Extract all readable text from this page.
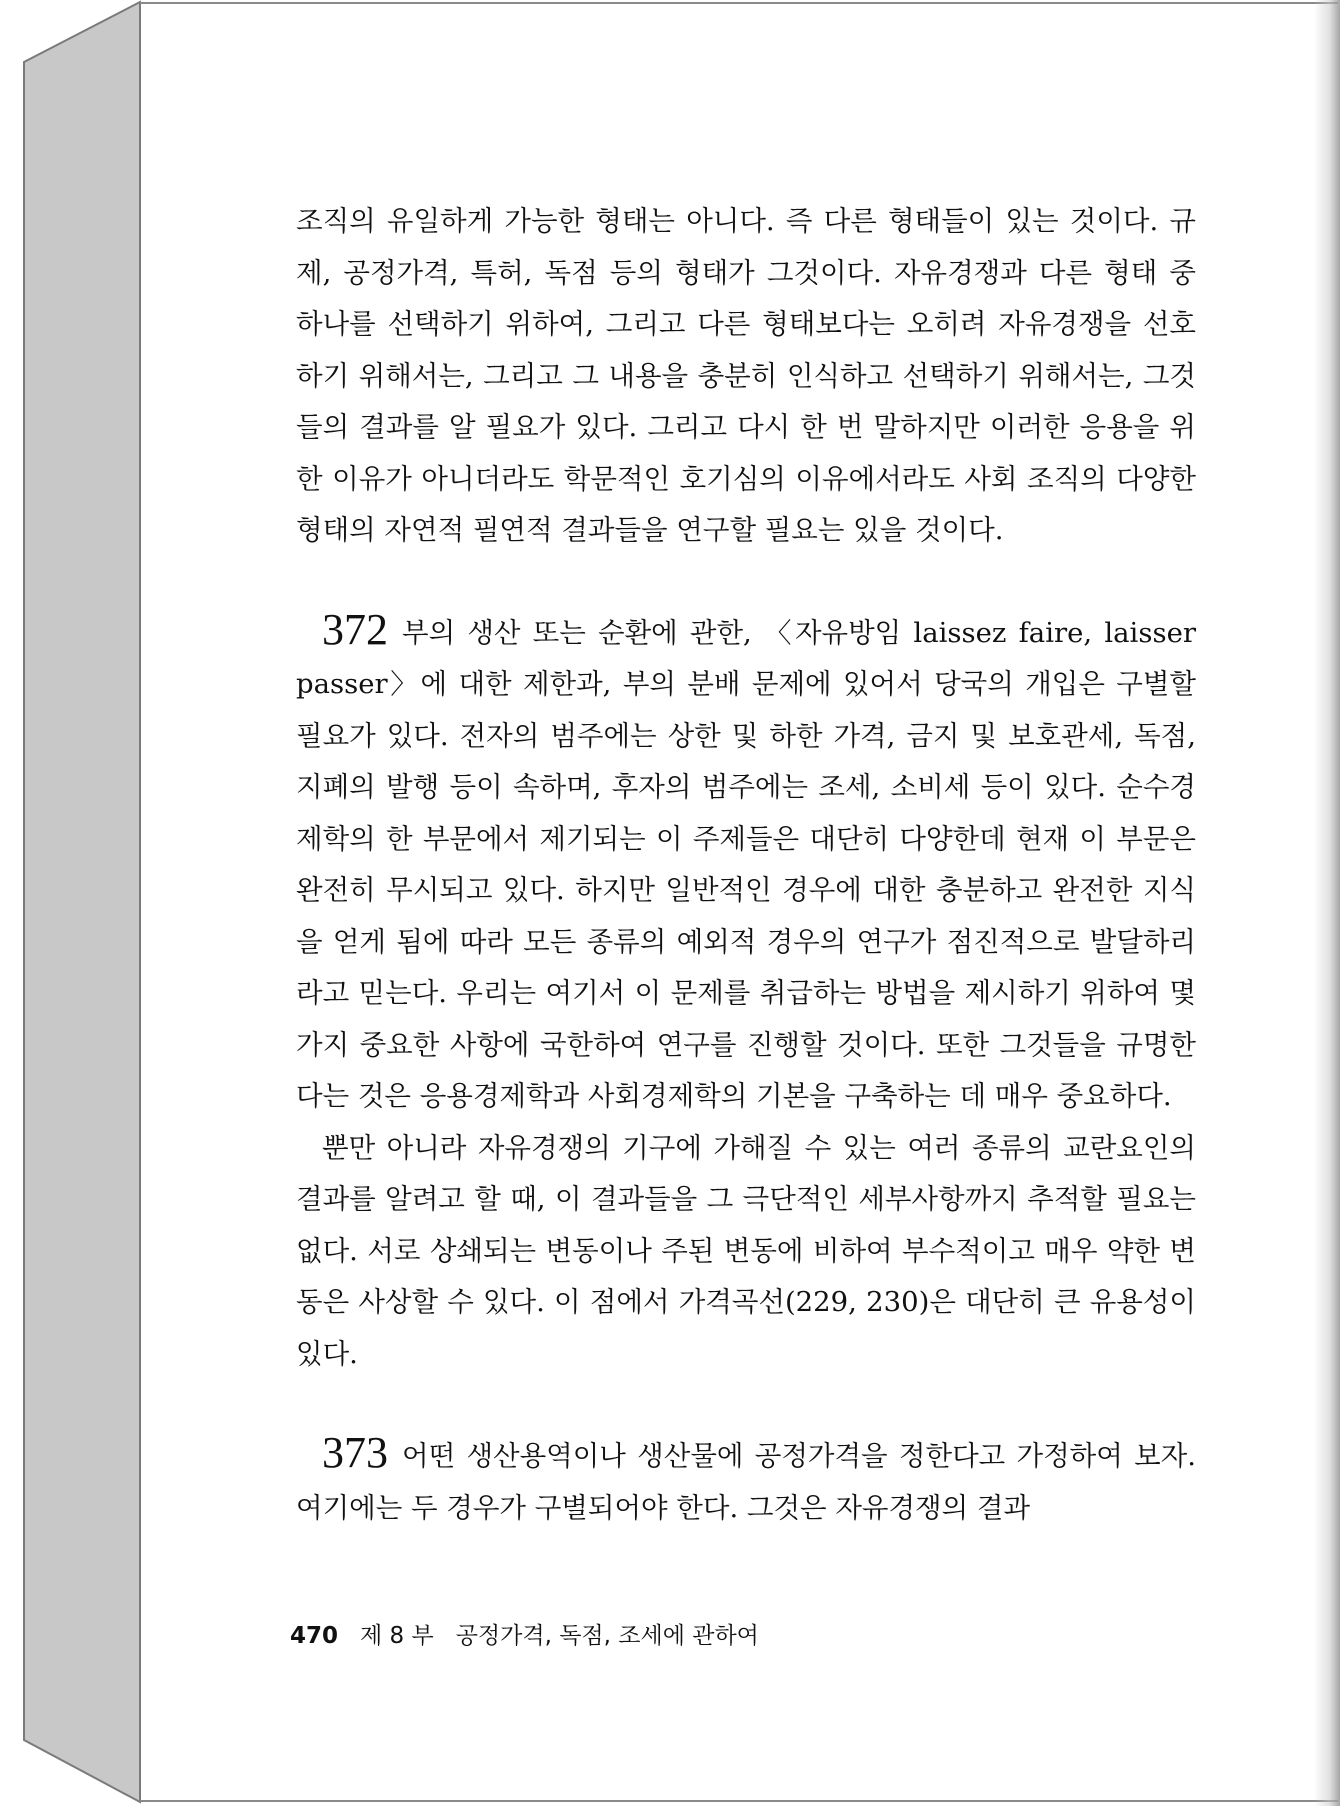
조직의 유일하게 가능한 형태는 아니다. 즉 다른 형태들이 있는 것이다. 규제, 공정가격, 특허, 독점 등의 형태가 그것이다. 자유경쟁과 다른 형태 중 하나를 선택하기 위하여, 그리고 다른 형태보다는 오히려 자유경쟁을 선호하기 위해서는, 그리고 그 내용을 충분히 인식하고 선택하기 위해서는, 그것들의 결과를 알 필요가 있다. 그리고 다시 한 번 말하지만 이러한 응용을 위한 이유가 아니더라도 학문적인 호기심의 이유에서라도 사회 조직의 다양한 형태의 자연적 필연적 결과들을 연구할 필요는 있을 것이다.

372 부의 생산 또는 순환에 관한, 〈자유방임 laissez faire, laisser passer〉에 대한 제한과, 부의 분배 문제에 있어서 당국의 개입은 구별할 필요가 있다. 전자의 범주에는 상한 및 하한 가격, 금지 및 보호관세, 독점, 지폐의 발행 등이 속하며, 후자의 범주에는 조세, 소비세 등이 있다. 순수경제학의 한 부문에서 제기되는 이 주제들은 대단히 다양한데 현재 이 부문은 완전히 무시되고 있다. 하지만 일반적인 경우에 대한 충분하고 완전한 지식을 얻게 됨에 따라 모든 종류의 예외적 경우의 연구가 점진적으로 발달하리라고 믿는다. 우리는 여기서 이 문제를 취급하는 방법을 제시하기 위하여 몇 가지 중요한 사항에 국한하여 연구를 진행할 것이다. 또한 그것들을 규명한다는 것은 응용경제학과 사회경제학의 기본을 구축하는 데 매우 중요하다.

뿐만 아니라 자유경쟁의 기구에 가해질 수 있는 여러 종류의 교란요인의 결과를 알려고 할 때, 이 결과들을 그 극단적인 세부사항까지 추적할 필요는 없다. 서로 상쇄되는 변동이나 주된 변동에 비하여 부수적이고 매우 약한 변동은 사상할 수 있다. 이 점에서 가격곡선(229, 230)은 대단히 큰 유용성이 있다.

373 어떤 생산용역이나 생산물에 공정가격을 정한다고 가정하여 보자. 여기에는 두 경우가 구별되어야 한다. 그것은 자유경쟁의 결과

470 제 8 부 공정가격, 독점, 조세에 관하여
